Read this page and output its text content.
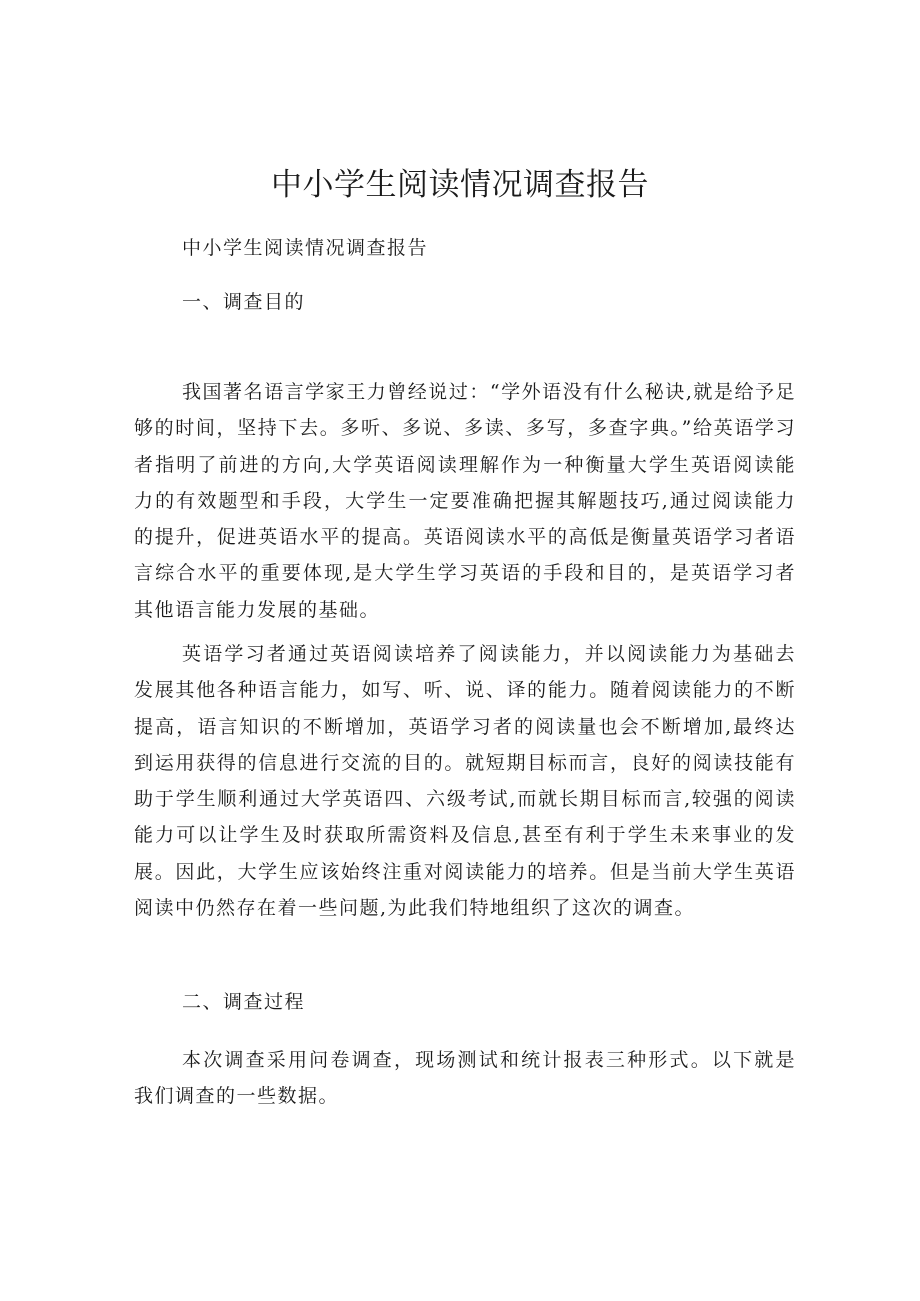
中小学生阅读情况调查报告

中小学生阅读情况调查报告

一、调查目的

我国著名语言学家王力曾经说过：“学外语没有什么秘诀,就是给予足够的时间，坚持下去。多听、多说、多读、多写，多查字典。”给英语学习者指明了前进的方向,大学英语阅读理解作为一种衡量大学生英语阅读能力的有效题型和手段，大学生一定要准确把握其解题技巧,通过阅读能力的提升，促进英语水平的提高。英语阅读水平的高低是衡量英语学习者语言综合水平的重要体现,是大学生学习英语的手段和目的，是英语学习者其他语言能力发展的基础。

英语学习者通过英语阅读培养了阅读能力，并以阅读能力为基础去发展其他各种语言能力，如写、听、说、译的能力。随着阅读能力的不断提高，语言知识的不断增加，英语学习者的阅读量也会不断增加,最终达到运用获得的信息进行交流的目的。就短期目标而言，良好的阅读技能有助于学生顺利通过大学英语四、六级考试,而就长期目标而言,较强的阅读能力可以让学生及时获取所需资料及信息,甚至有利于学生未来事业的发展。因此，大学生应该始终注重对阅读能力的培养。但是当前大学生英语阅读中仍然存在着一些问题,为此我们特地组织了这次的调查。

二、调查过程

本次调查采用问卷调查，现场测试和统计报表三种形式。以下就是我们调查的一些数据。
